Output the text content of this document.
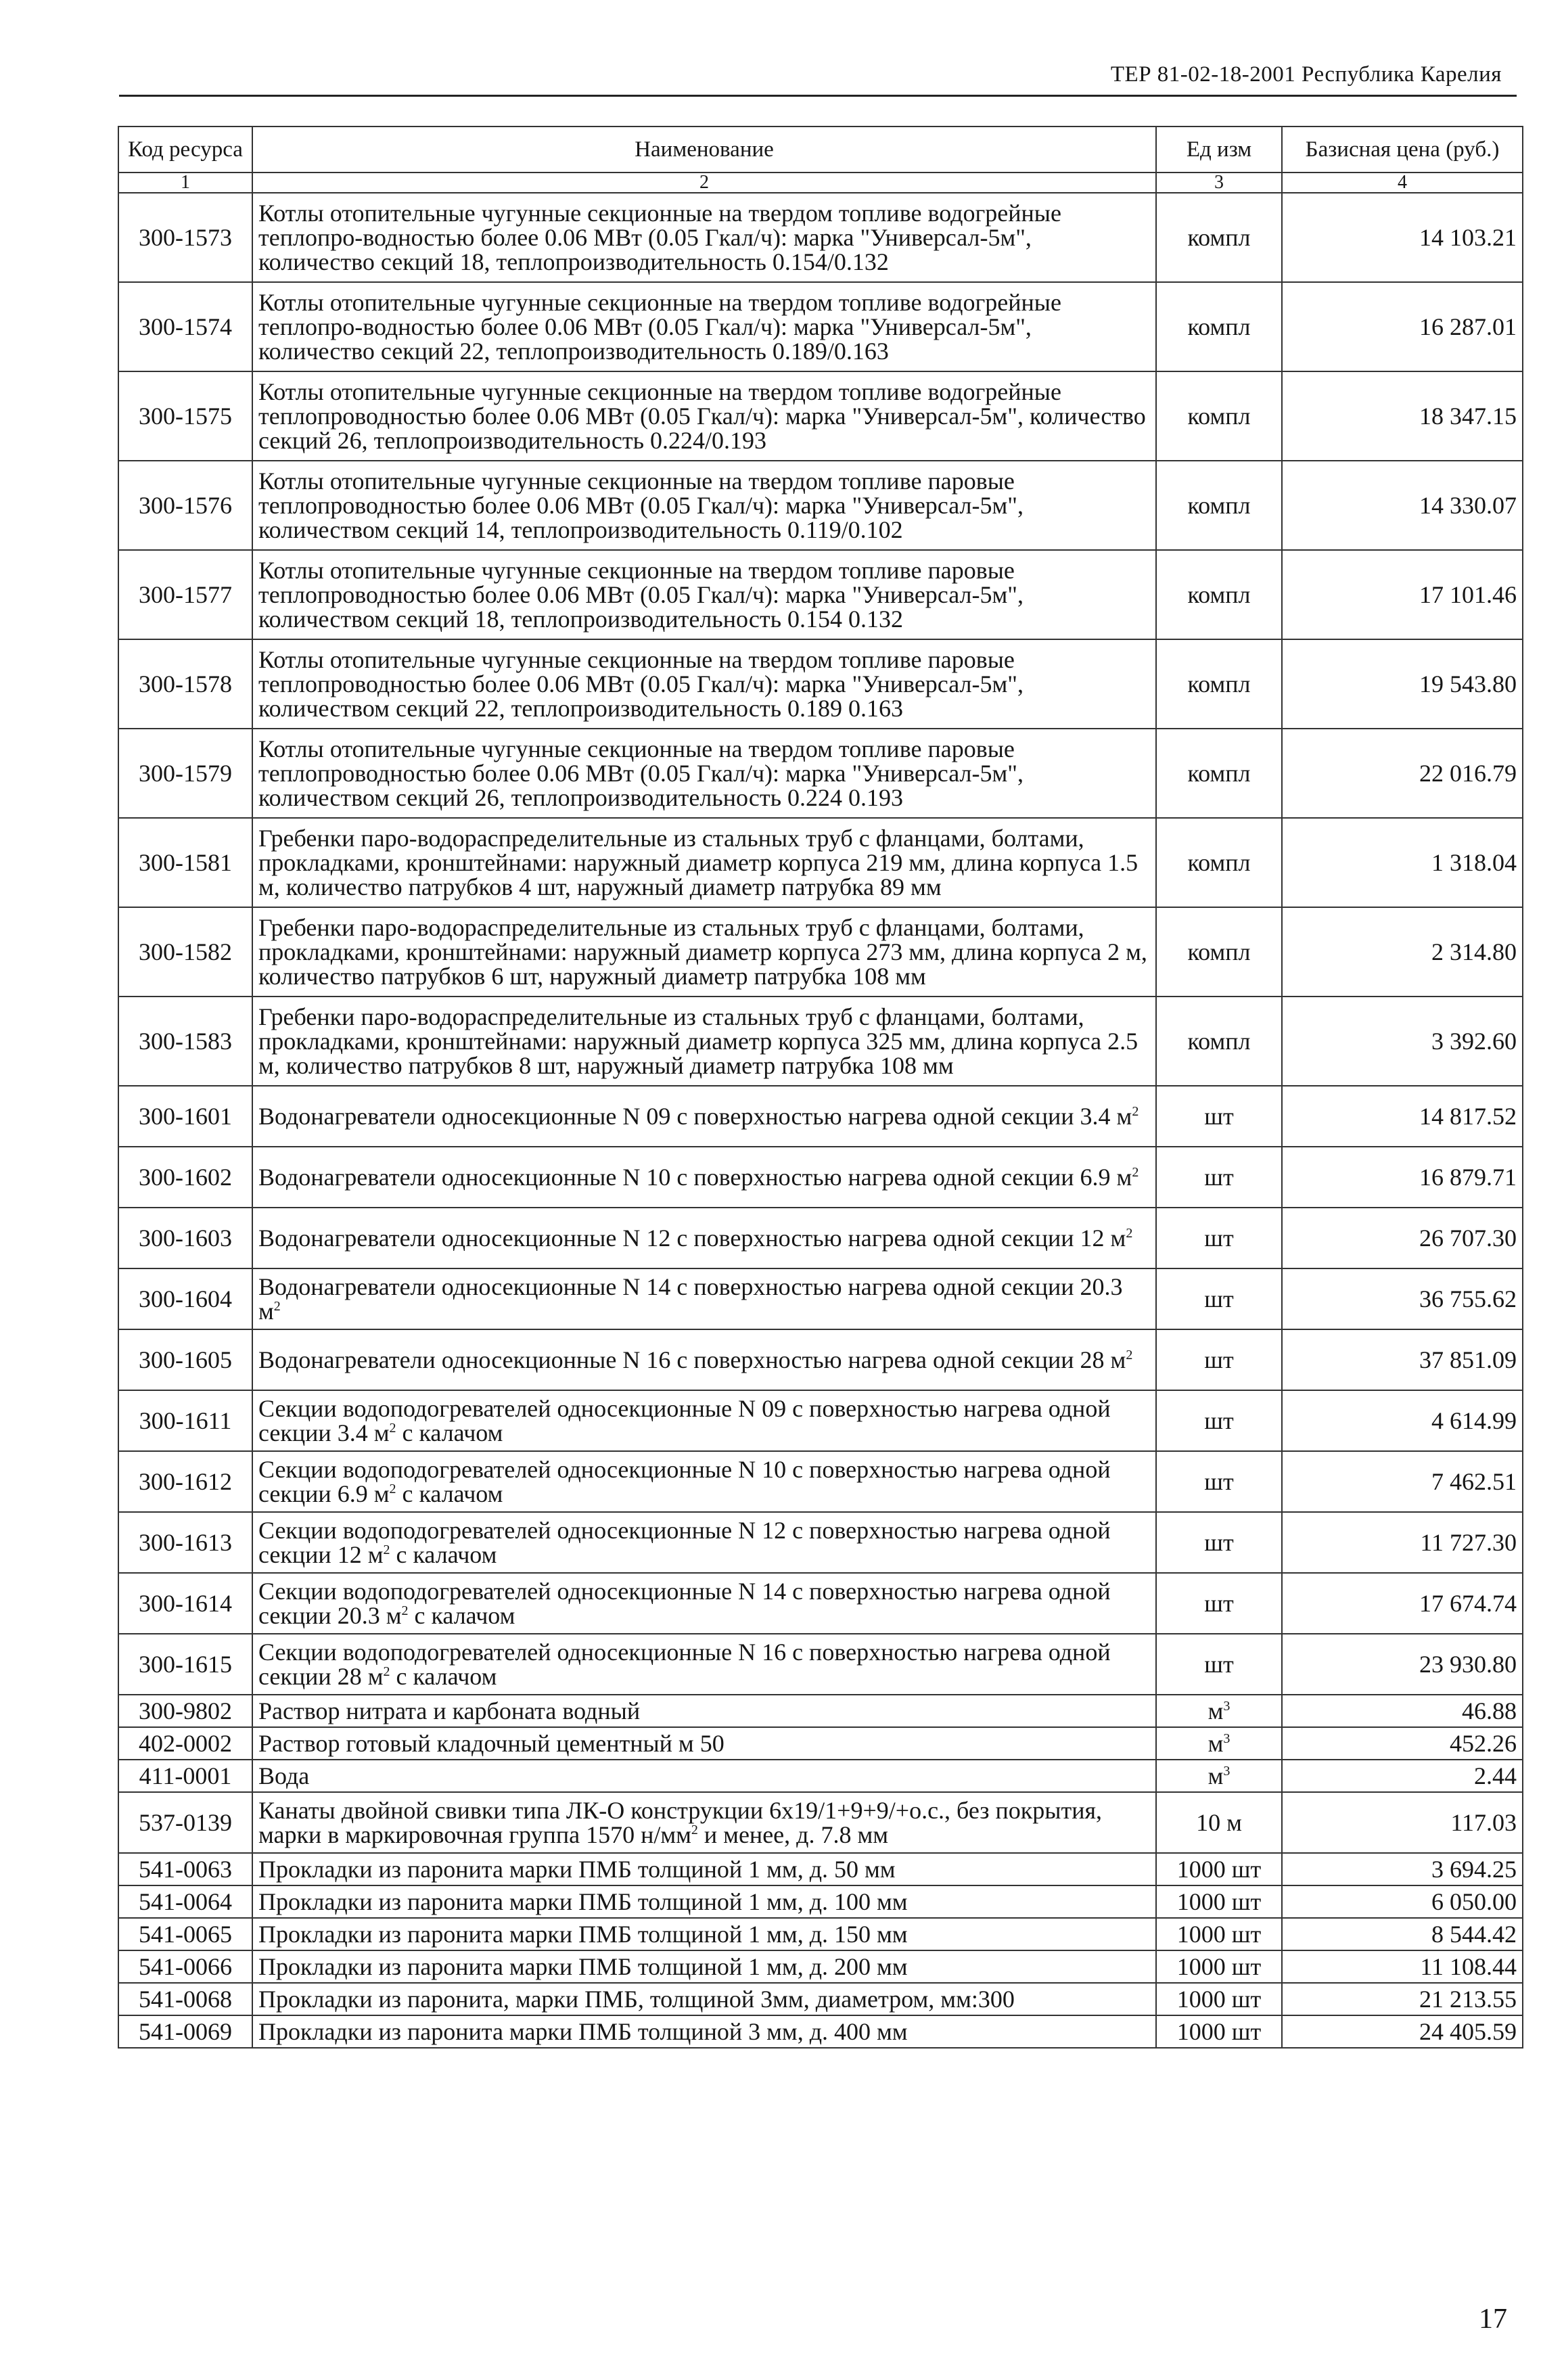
ТЕР 81-02-18-2001 Республика Карелия
Код ресурса	Наименование	Ед изм	Базисная цена (руб.)
1	2	3	4
300-1573	Котлы отопительные чугунные секционные на твердом топливе водогрейные теплопро-водностью более 0.06 МВт (0.05 Гкал/ч): марка "Универсал-5м", количество секций 18, теплопроизводительность 0.154/0.132	компл	14 103.21
300-1574	Котлы отопительные чугунные секционные на твердом топливе водогрейные теплопро-водностью более 0.06 МВт (0.05 Гкал/ч): марка "Универсал-5м", количество секций 22, теплопроизводительность 0.189/0.163	компл	16 287.01
300-1575	Котлы отопительные чугунные секционные на твердом топливе водогрейные теплопроводностью более 0.06 МВт (0.05 Гкал/ч): марка "Универсал-5м", количество секций 26, теплопроизводительность 0.224/0.193	компл	18 347.15
300-1576	Котлы отопительные чугунные секционные на твердом топливе паровые теплопроводностью более 0.06 МВт (0.05 Гкал/ч): марка "Универсал-5м", количеством секций 14, теплопроизводительность 0.119/0.102	компл	14 330.07
300-1577	Котлы отопительные чугунные секционные на твердом топливе паровые теплопроводностью более 0.06 МВт (0.05 Гкал/ч): марка "Универсал-5м", количеством секций 18, теплопроизводительность 0.154 0.132	компл	17 101.46
300-1578	Котлы отопительные чугунные секционные на твердом топливе паровые теплопроводностью более 0.06 МВт (0.05 Гкал/ч): марка "Универсал-5м", количеством секций 22, теплопроизводительность 0.189 0.163	компл	19 543.80
300-1579	Котлы отопительные чугунные секционные на твердом топливе паровые теплопроводностью более 0.06 МВт (0.05 Гкал/ч): марка "Универсал-5м", количеством секций 26, теплопроизводительность 0.224 0.193	компл	22 016.79
300-1581	Гребенки паро-водораспределительные из стальных труб с фланцами, болтами, прокладками, кронштейнами: наружный диаметр корпуса 219 мм, длина корпуса 1.5 м, количество патрубков 4 шт, наружный диаметр патрубка 89 мм	компл	1 318.04
300-1582	Гребенки паро-водораспределительные из стальных труб с фланцами, болтами, прокладками, кронштейнами: наружный диаметр корпуса 273 мм, длина корпуса 2 м, количество патрубков 6 шт, наружный диаметр патрубка 108 мм	компл	2 314.80
300-1583	Гребенки паро-водораспределительные из стальных труб с фланцами, болтами, прокладками, кронштейнами: наружный диаметр корпуса 325 мм, длина корпуса 2.5 м, количество патрубков 8 шт, наружный диаметр патрубка 108 мм	компл	3 392.60
300-1601	Водонагреватели односекционные N 09 с поверхностью нагрева одной секции 3.4 $м^2$	шт	14 817.52
300-1602	Водонагреватели односекционные N 10 с поверхностью нагрева одной секции 6.9 $м^2$	шт	16 879.71
300-1603	Водонагреватели односекционные N 12 с поверхностью нагрева одной секции 12 $м^2$	шт	26 707.30
300-1604	Водонагреватели односекционные N 14 с поверхностью нагрева одной секции 20.3 $м^2$	шт	36 755.62
300-1605	Водонагреватели односекционные N 16 с поверхностью нагрева одной секции 28 $м^2$	шт	37 851.09
300-1611	Секции водоподогревателей односекционные N 09 с поверхностью нагрева одной секции 3.4 $м^2$ с калачом	шт	4 614.99
300-1612	Секции водоподогревателей односекционные N 10 с поверхностью нагрева одной секции 6.9 $м^2$ с калачом	шт	7 462.51
300-1613	Секции водоподогревателей односекционные N 12 с поверхностью нагрева одной секции 12 $м^2$ с калачом	шт	11 727.30
300-1614	Секции водоподогревателей односекционные N 14 с поверхностью нагрева одной секции 20.3 $м^2$ с калачом	шт	17 674.74
300-1615	Секции водоподогревателей односекционные N 16 с поверхностью нагрева одной секции 28 $м^2$ с калачом	шт	23 930.80
300-9802	Раствор нитрата и карбоната водный	$м^3$	46.88
402-0002	Раствор готовый кладочный цементный м 50	$м^3$	452.26
411-0001	Вода	$м^3$	2.44
537-0139	Канаты двойной свивки типа ЛК-О конструкции 6х19/1+9+9/+о.с., без покрытия, марки в маркировочная группа 1570 $н/мм^2$ и менее, д. 7.8 мм	10 м	117.03
541-0063	Прокладки из паронита марки ПМБ толщиной 1 мм, д. 50 мм	1000 шт	3 694.25
541-0064	Прокладки из паронита марки ПМБ толщиной 1 мм, д. 100 мм	1000 шт	6 050.00
541-0065	Прокладки из паронита марки ПМБ толщиной 1 мм, д. 150 мм	1000 шт	8 544.42
541-0066	Прокладки из паронита марки ПМБ толщиной 1 мм, д. 200 мм	1000 шт	11 108.44
541-0068	Прокладки из паронита, марки ПМБ, толщиной 3мм, диаметром, мм:300	1000 шт	21 213.55
541-0069	Прокладки из паронита марки ПМБ толщиной 3 мм, д. 400 мм	1000 шт	24 405.59
17
